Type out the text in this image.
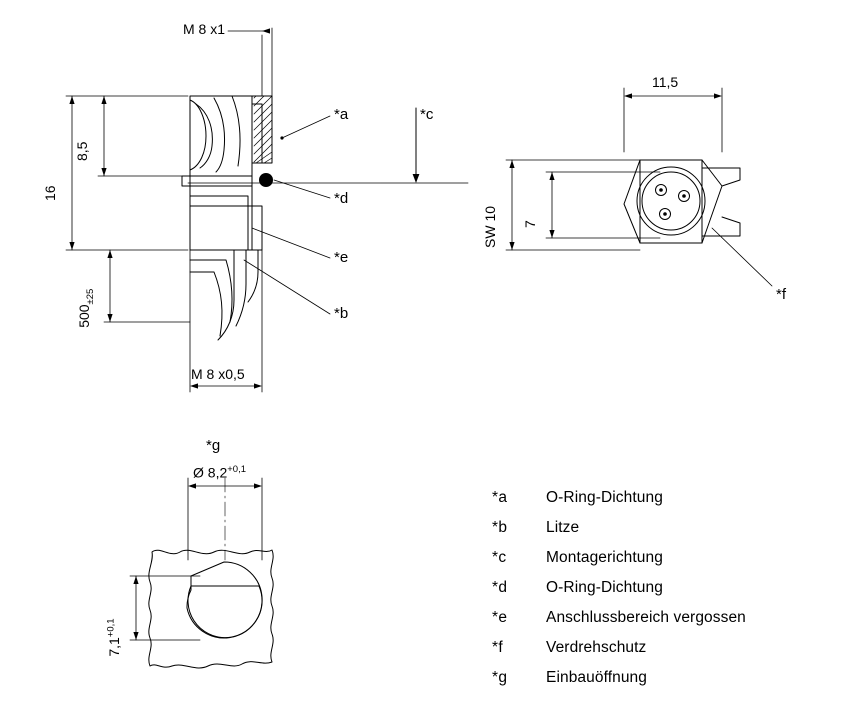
M 8 x1
8,5
16
$500_{\pm 25}$
M 8 x0,5
*a	*c
*d
*e
*b
11,5
SW 10 7
*f
*g
Ø $8,2^{+0,1}$
$7,1^{+0,1}$
*a	O-Ring-Dichtung
*b	Litze
*c	Montagerichtung
*d	O-Ring-Dichtung
*e	Anschlussbereich vergossen
*f	Verdrehschutz
*g	Einbauöffnung
